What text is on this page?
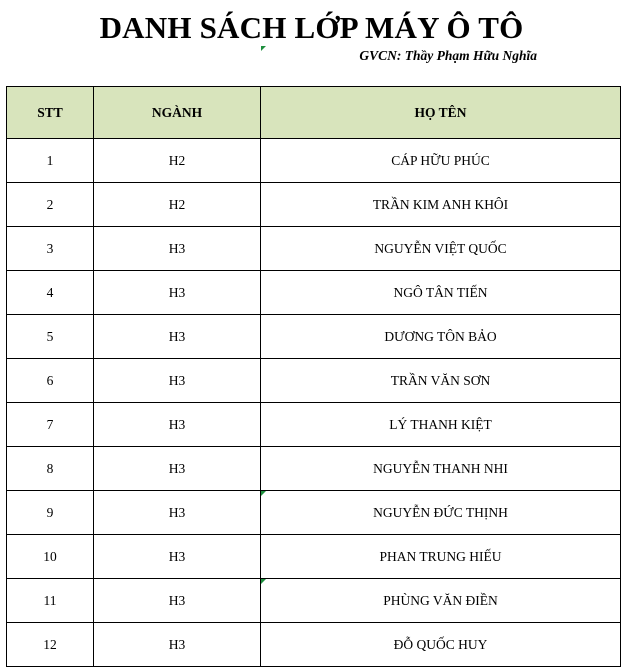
DANH SÁCH LỚP MÁY Ô TÔ
GVCN: Thầy Phạm Hữu Nghĩa
STT	NGÀNH	HỌ TÊN
1	H2	CÁP HỮU PHÚC
2	H2	TRẦN KIM ANH KHÔI
3	H3	NGUYỄN VIỆT QUỐC
4	H3	NGÔ TÂN TIẾN
5	H3	DƯƠNG TÔN BẢO
6	H3	TRẦN VĂN SƠN
7	H3	LÝ THANH KIỆT
8	H3	NGUYỄN THANH NHI
9	H3	NGUYỄN ĐỨC THỊNH
10	H3	PHAN TRUNG HIẾU
11	H3	PHÙNG VĂN ĐIỀN
12	H3	ĐỖ QUỐC HUY
